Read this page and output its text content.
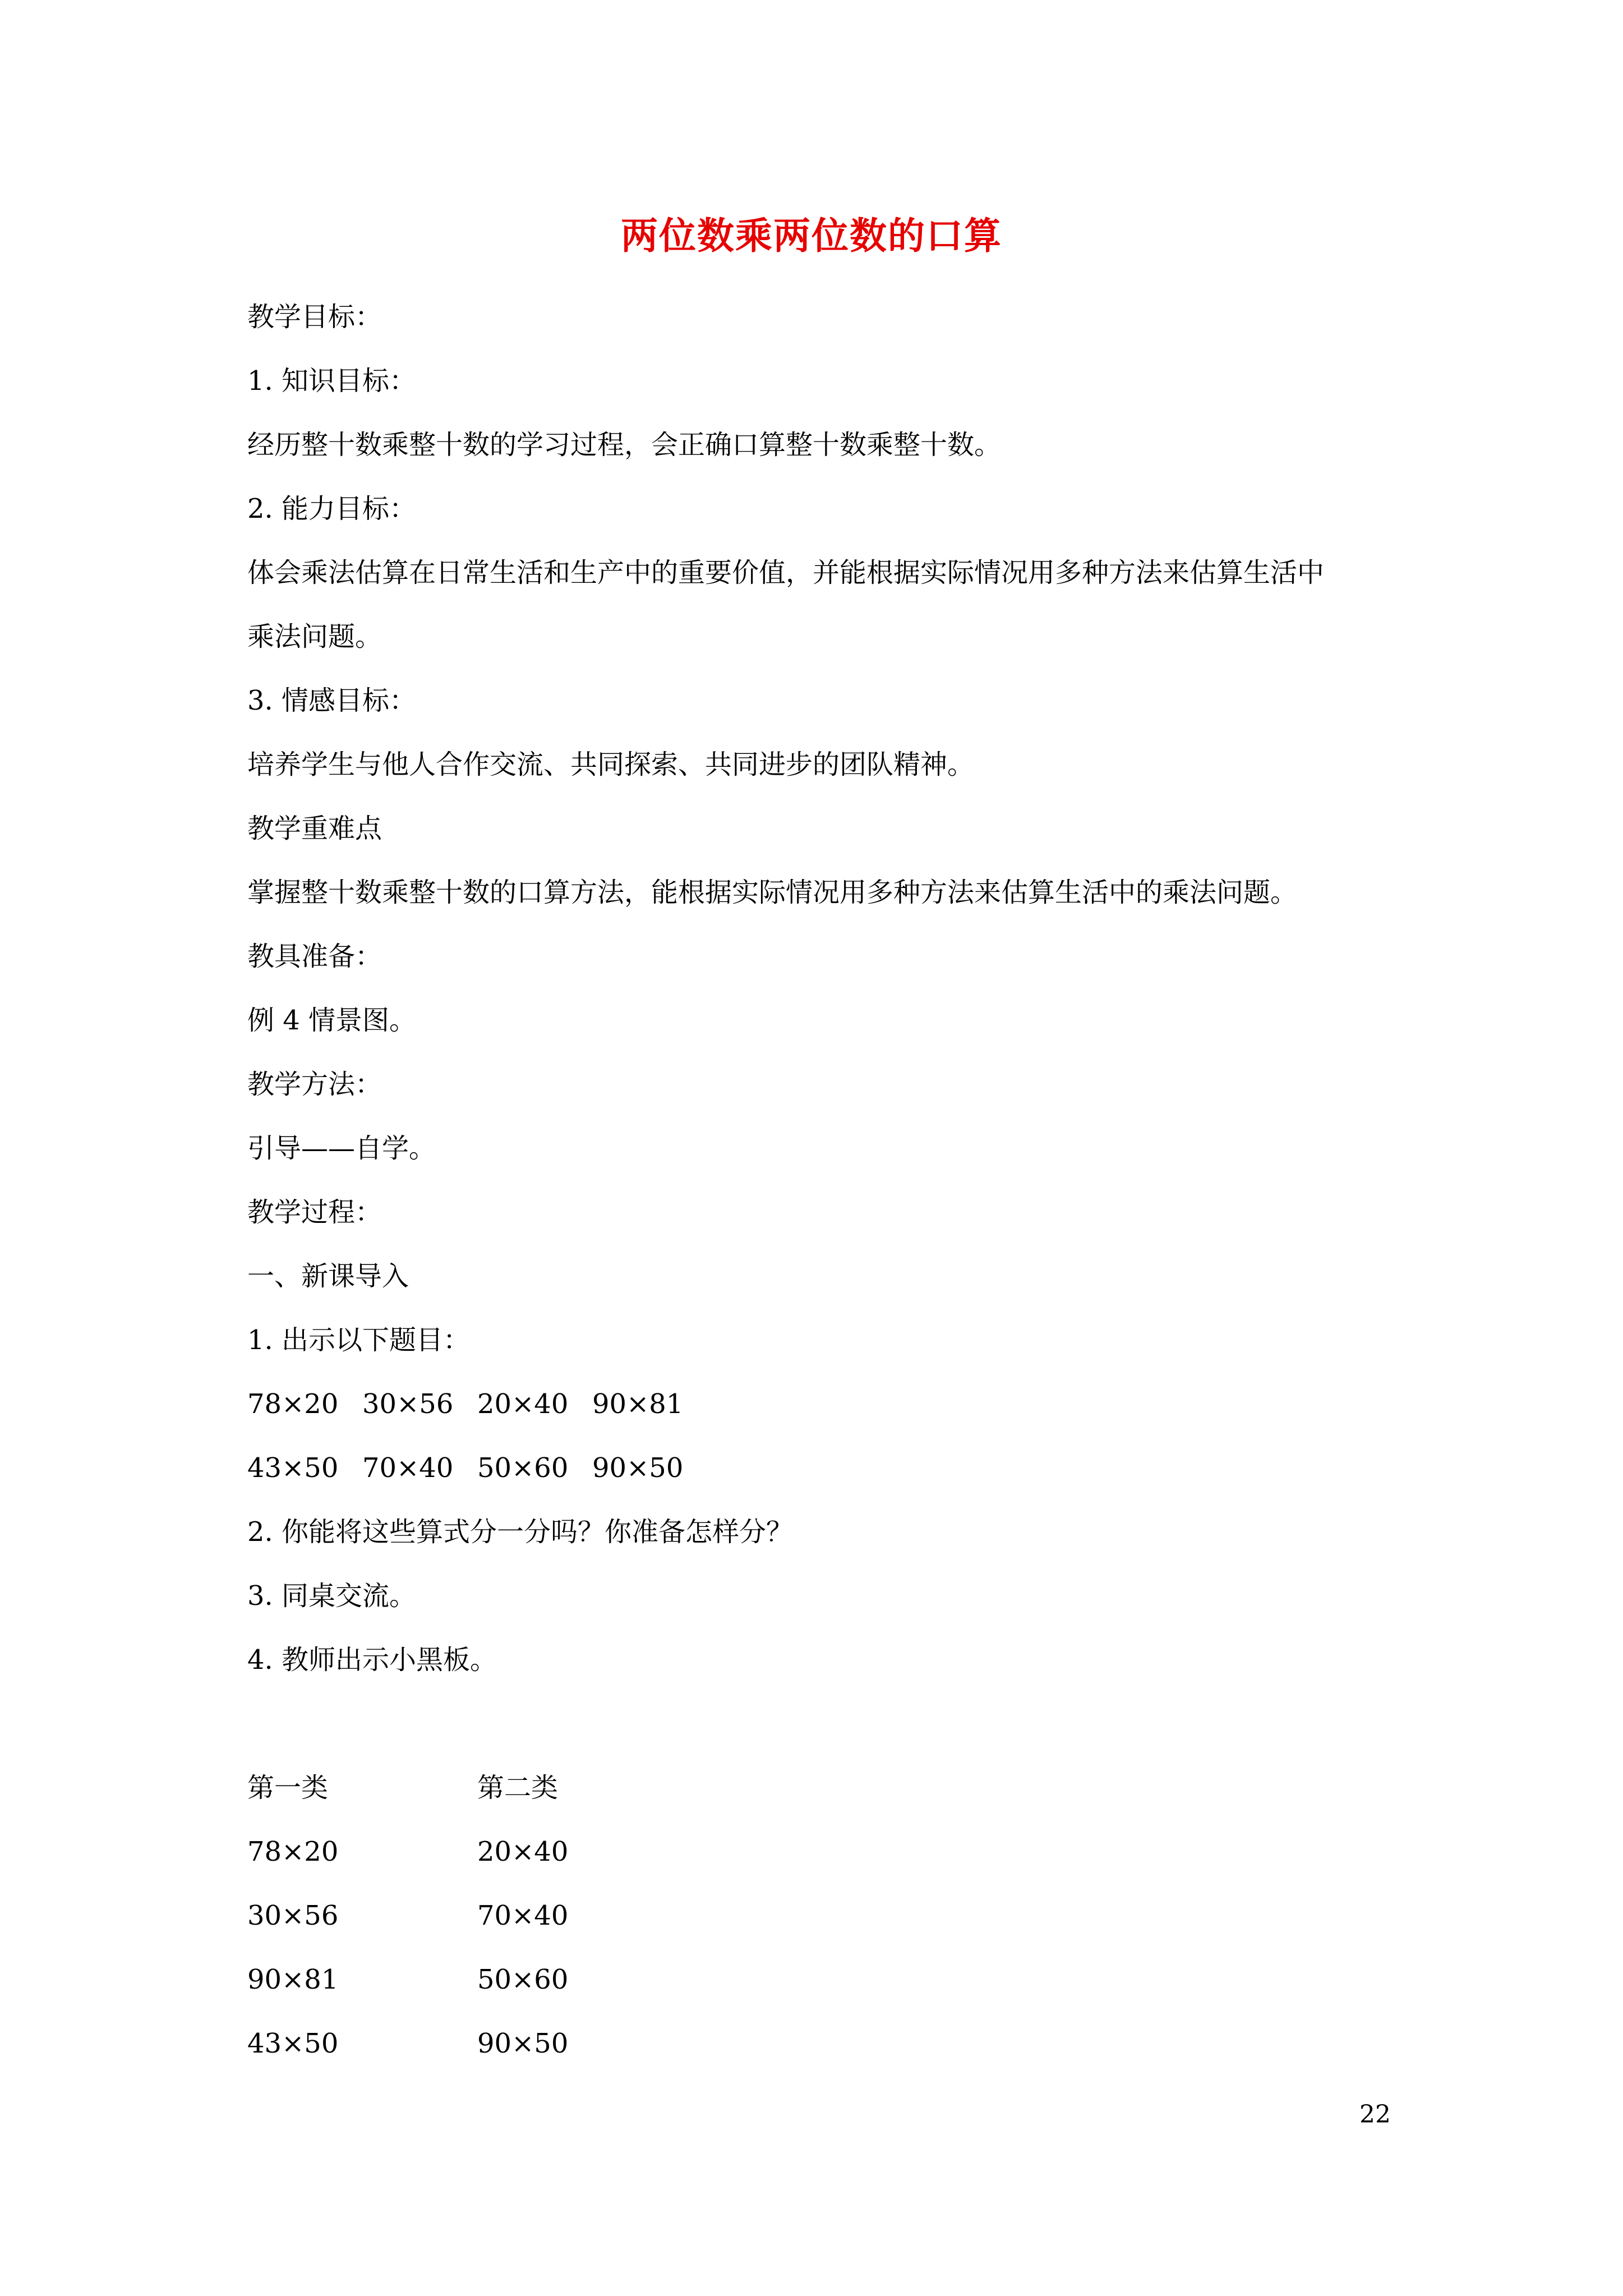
两位数乘两位数的口算
教学目标：
1. 知识目标：
经历整十数乘整十数的学习过程，会正确口算整十数乘整十数。
2. 能力目标：
体会乘法估算在日常生活和生产中的重要价值，并能根据实际情况用多种方法来估算生活中
乘法问题。
3. 情感目标：
培养学生与他人合作交流、共同探索、共同进步的团队精神。
教学重难点
掌握整十数乘整十数的口算方法，能根据实际情况用多种方法来估算生活中的乘法问题。
教具准备：
例 4 情景图。
教学方法：
引导——自学。
教学过程：
一、新课导入
1. 出示以下题目：
78×20 30×56 20×40 90×81
43×50 70×40 50×60 90×50
2. 你能将这些算式分一分吗？你准备怎样分？
3. 同桌交流。
4. 教师出示小黑板。
第一类	第二类
78×20	20×40
30×56	70×40
90×81	50×60
43×50	90×50
22
